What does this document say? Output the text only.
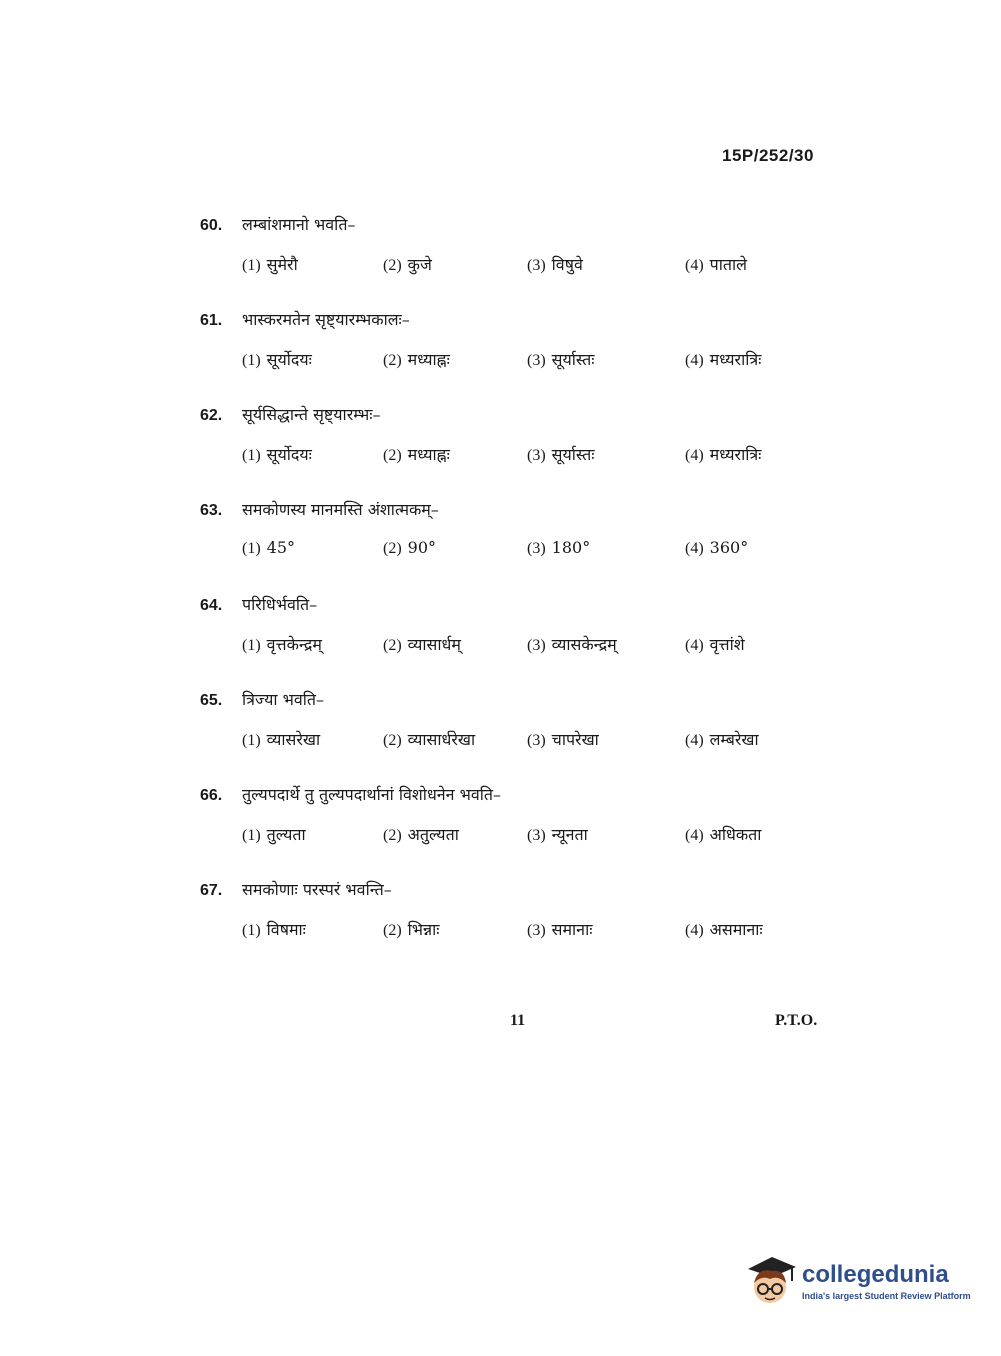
15P/252/30
60.	लम्बांशमानो भवति–
(1) सुमेरौ	(2) कुजे	(3) विषुवे	(4) पाताले
61.	भास्करमतेन सृष्ट्यारम्भकालः–
(1) सूर्योदयः	(2) मध्याह्नः	(3) सूर्यास्तः	(4) मध्यरात्रिः
62.	सूर्यसिद्धान्ते सृष्ट्यारम्भः–
(1) सूर्योदयः	(2) मध्याह्नः	(3) सूर्यास्तः	(4) मध्यरात्रिः
63.	समकोणस्य मानमस्ति अंशात्मकम्–
(1) 45°	(2) 90°	(3) 180°	(4) 360°
64.	परिधिर्भवति–
(1) वृत्तकेन्द्रम्	(2) व्यासार्धम्	(3) व्यासकेन्द्रम्	(4) वृत्तांशे
65.	त्रिज्या भवति–
(1) व्यासरेखा	(2) व्यासार्धरेखा	(3) चापरेखा	(4) लम्बरेखा
66.	तुल्यपदार्थे तु तुल्यपदार्थानां विशोधनेन भवति–
(1) तुल्यता	(2) अतुल्यता	(3) न्यूनता	(4) अधिकता
67.	समकोणाः परस्परं भवन्ति–
(1) विषमाः	(2) भिन्नाः	(3) समानाः	(4) असमानाः
11	P.T.O.
collegedunia
India's largest Student Review Platform
